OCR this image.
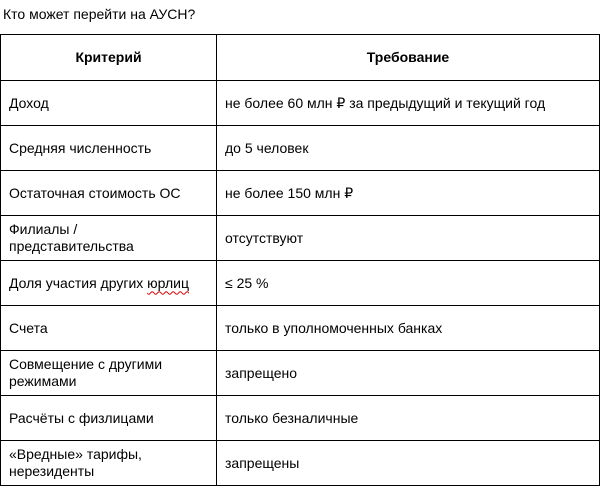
Кто может перейти на АУСН?
Критерий	Требование
Доход	не более 60 млн ₽ за предыдущий и текущий год
Средняя численность	до 5 человек
Остаточная стоимость ОС	не более 150 млн ₽
Филиалы /
представительства	отсутствуют
Доля участия других юрлиц	≤ 25 %
Счета	только в уполномоченных банках
Совмещение с другими
режимами	запрещено
Расчёты с физлицами	только безналичные
«Вредные» тарифы,
нерезиденты	запрещены
